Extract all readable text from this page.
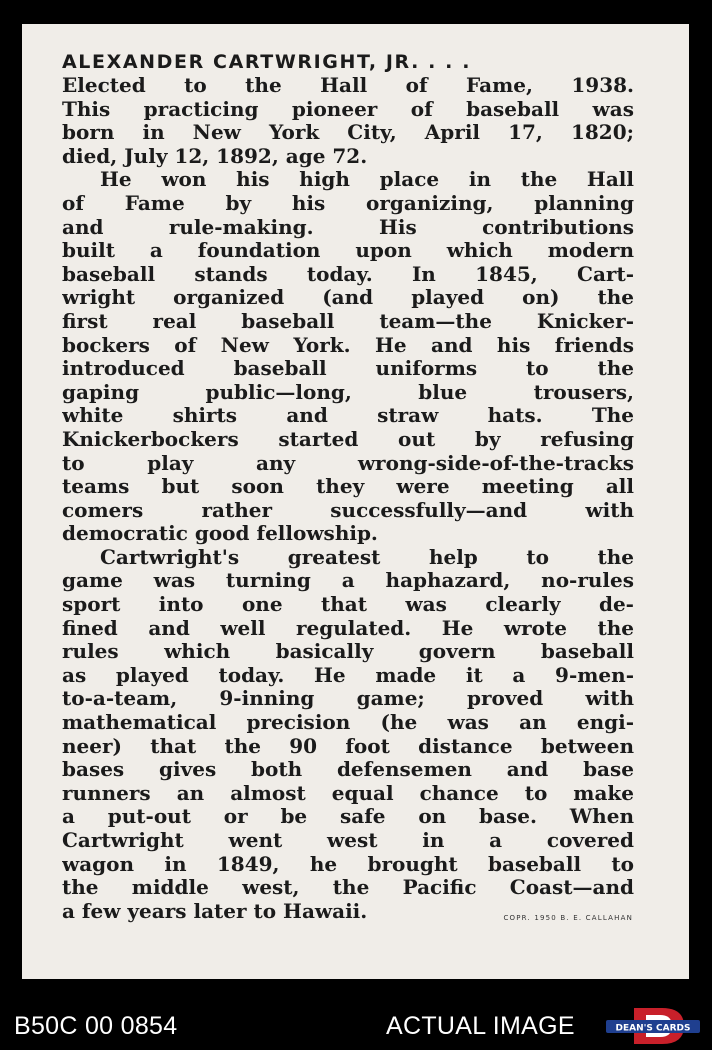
ALEXANDER CARTWRIGHT, JR. . . .
Elected to the Hall of Fame, 1938.
This practicing pioneer of baseball was
born in New York City, April 17, 1820;
died, July 12, 1892, age 72.
He won his high place in the Hall
of Fame by his organizing, planning
and rule-making. His contributions
built a foundation upon which modern
baseball stands today. In 1845, Cart-
wright organized (and played on) the
first real baseball team—the Knicker-
bockers of New York. He and his friends
introduced baseball uniforms to the
gaping public—long, blue trousers,
white shirts and straw hats. The
Knickerbockers started out by refusing
to play any wrong-side-of-the-tracks
teams but soon they were meeting all
comers rather successfully—and with
democratic good fellowship.
Cartwright's greatest help to the
game was turning a haphazard, no-rules
sport into one that was clearly de-
fined and well regulated. He wrote the
rules which basically govern baseball
as played today. He made it a 9-men-
to-a-team, 9-inning game; proved with
mathematical precision (he was an engi-
neer) that the 90 foot distance between
bases gives both defensemen and base
runners an almost equal chance to make
a put-out or be safe on base. When
Cartwright went west in a covered
wagon in 1849, he brought baseball to
the middle west, the Pacific Coast—and
a few years later to Hawaii.	COPR. 1950 B. E. CALLAHAN
B50C 00 0854	ACTUAL IMAGE	DEAN'S CARDS
